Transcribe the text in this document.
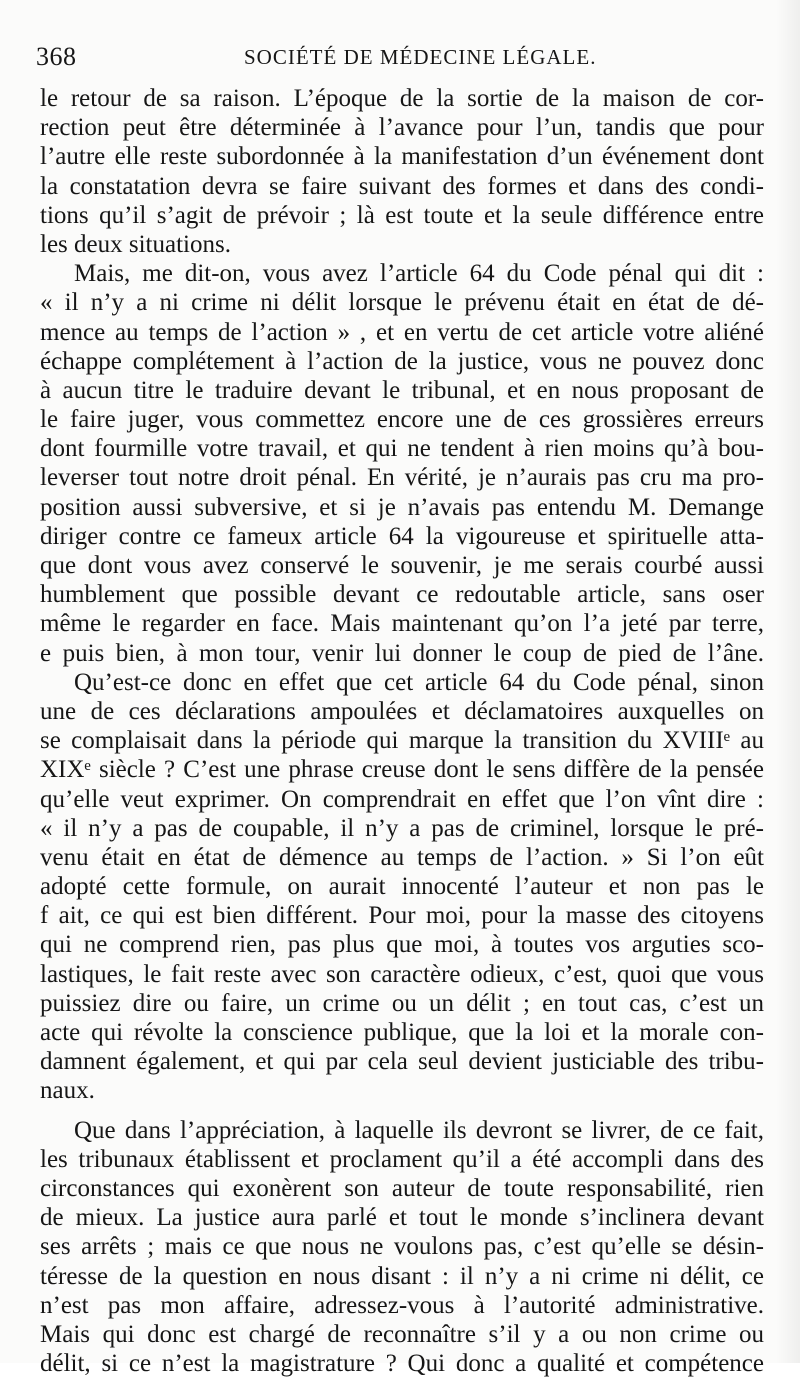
368	SOCIÉTÉ DE MÉDECINE LÉGALE.
le retour de sa raison. L’époque de la sortie de la maison de cor-
rection peut être déterminée à l’avance pour l’un, tandis que pour
l’autre elle reste subordonnée à la manifestation d’un événement dont
la constatation devra se faire suivant des formes et dans des condi-
tions qu’il s’agit de prévoir ; là est toute et la seule différence entre
les deux situations.
Mais, me dit-on, vous avez l’article 64 du Code pénal qui dit :
« il n’y a ni crime ni délit lorsque le prévenu était en état de dé-
mence au temps de l’action » , et en vertu de cet article votre aliéné
échappe complétement à l’action de la justice, vous ne pouvez donc
à aucun titre le traduire devant le tribunal, et en nous proposant de
le faire juger, vous commettez encore une de ces grossières erreurs
dont fourmille votre travail, et qui ne tendent à rien moins qu’à bou-
leverser tout notre droit pénal. En vérité, je n’aurais pas cru ma pro-
position aussi subversive, et si je n’avais pas entendu M. Demange
diriger contre ce fameux article 64 la vigoureuse et spirituelle atta-
que dont vous avez conservé le souvenir, je me serais courbé aussi
humblement que possible devant ce redoutable article, sans oser
même le regarder en face. Mais maintenant qu’on l’a jeté par terre,
e puis bien, à mon tour, venir lui donner le coup de pied de l’âne.
Qu’est-ce donc en effet que cet article 64 du Code pénal, sinon
une de ces déclarations ampoulées et déclamatoires auxquelles on
se complaisait dans la période qui marque la transition du XVIIIᵉ au
XIXᵉ siècle ? C’est une phrase creuse dont le sens diffère de la pensée
qu’elle veut exprimer. On comprendrait en effet que l’on vînt dire :
« il n’y a pas de coupable, il n’y a pas de criminel, lorsque le pré-
venu était en état de démence au temps de l’action. » Si l’on eût
adopté cette formule, on aurait innocenté l’auteur et non pas le
f ait, ce qui est bien différent. Pour moi, pour la masse des citoyens
qui ne comprend rien, pas plus que moi, à toutes vos arguties sco-
lastiques, le fait reste avec son caractère odieux, c’est, quoi que vous
puissiez dire ou faire, un crime ou un délit ; en tout cas, c’est un
acte qui révolte la conscience publique, que la loi et la morale con-
damnent également, et qui par cela seul devient justiciable des tribu-
naux.
Que dans l’appréciation, à laquelle ils devront se livrer, de ce fait,
les tribunaux établissent et proclament qu’il a été accompli dans des
circonstances qui exonèrent son auteur de toute responsabilité, rien
de mieux. La justice aura parlé et tout le monde s’inclinera devant
ses arrêts ; mais ce que nous ne voulons pas, c’est qu’elle se désin-
téresse de la question en nous disant : il n’y a ni crime ni délit, ce
n’est pas mon affaire, adressez-vous à l’autorité administrative.
Mais qui donc est chargé de reconnaître s’il y a ou non crime ou
délit, si ce n’est la magistrature ? Qui donc a qualité et compétence
